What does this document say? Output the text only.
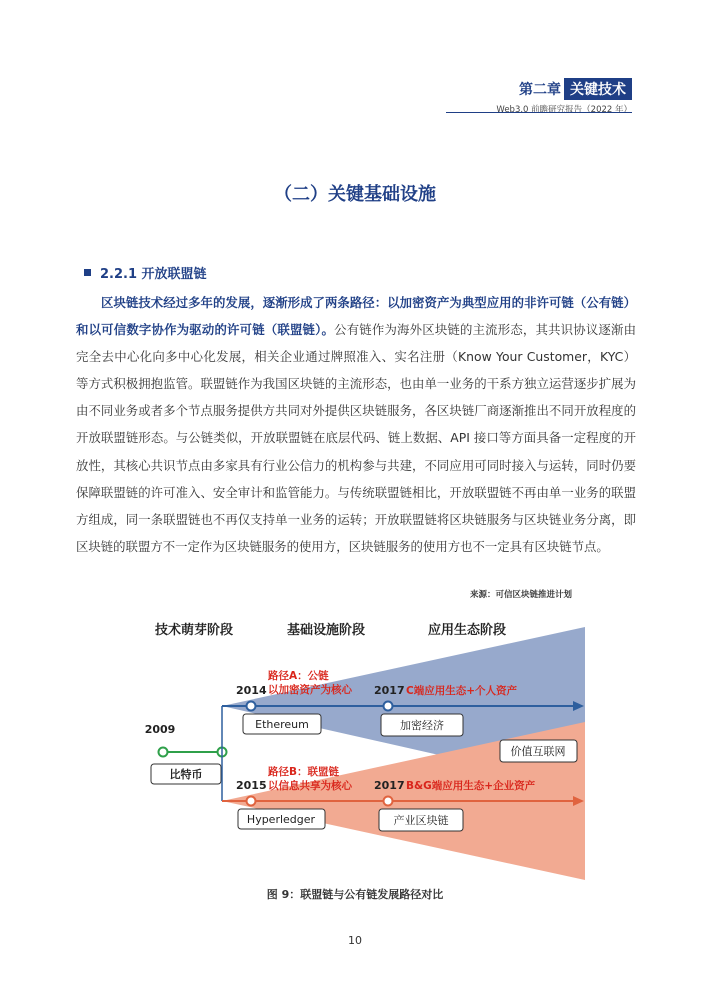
第二章 关键技术
Web3.0 前瞻研究报告（2022 年）
（二）关键基础设施
2.2.1 开放联盟链

区块链技术经过多年的发展，逐渐形成了两条路径：以加密资产为典型应用的非许可链（公有链）和以可信数字协作为驱动的许可链（联盟链）。公有链作为海外区块链的主流形态，其共识协议逐渐由完全去中心化向多中心化发展，相关企业通过牌照准入、实名注册（Know Your Customer，KYC）等方式积极拥抱监管。联盟链作为我国区块链的主流形态，也由单一业务的干系方独立运营逐步扩展为由不同业务或者多个节点服务提供方共同对外提供区块链服务，各区块链厂商逐渐推出不同开放程度的开放联盟链形态。与公链类似，开放联盟链在底层代码、链上数据、API 接口等方面具备一定程度的开放性，其核心共识节点由多家具有行业公信力的机构参与共建，不同应用可同时接入与运转，同时仍要保障联盟链的许可准入、安全审计和监管能力。与传统联盟链相比，开放联盟链不再由单一业务的联盟方组成，同一条联盟链也不再仅支持单一业务的运转；开放联盟链将区块链服务与区块链业务分离，即区块链的联盟方不一定作为区块链服务的使用方，区块链服务的使用方也不一定具有区块链节点。

来源：可信区块链推进计划
技术萌芽阶段	基础设施阶段	应用生态阶段
2009
比特币
路径A：公链
以加密资产为核心
2014
Ethereum
2017 C端应用生态+个人资产
加密经济
价值互联网
路径B：联盟链
以信息共享为核心
2015
Hyperledger
2017 B&G端应用生态+企业资产
产业区块链
图 9：联盟链与公有链发展路径对比
10
